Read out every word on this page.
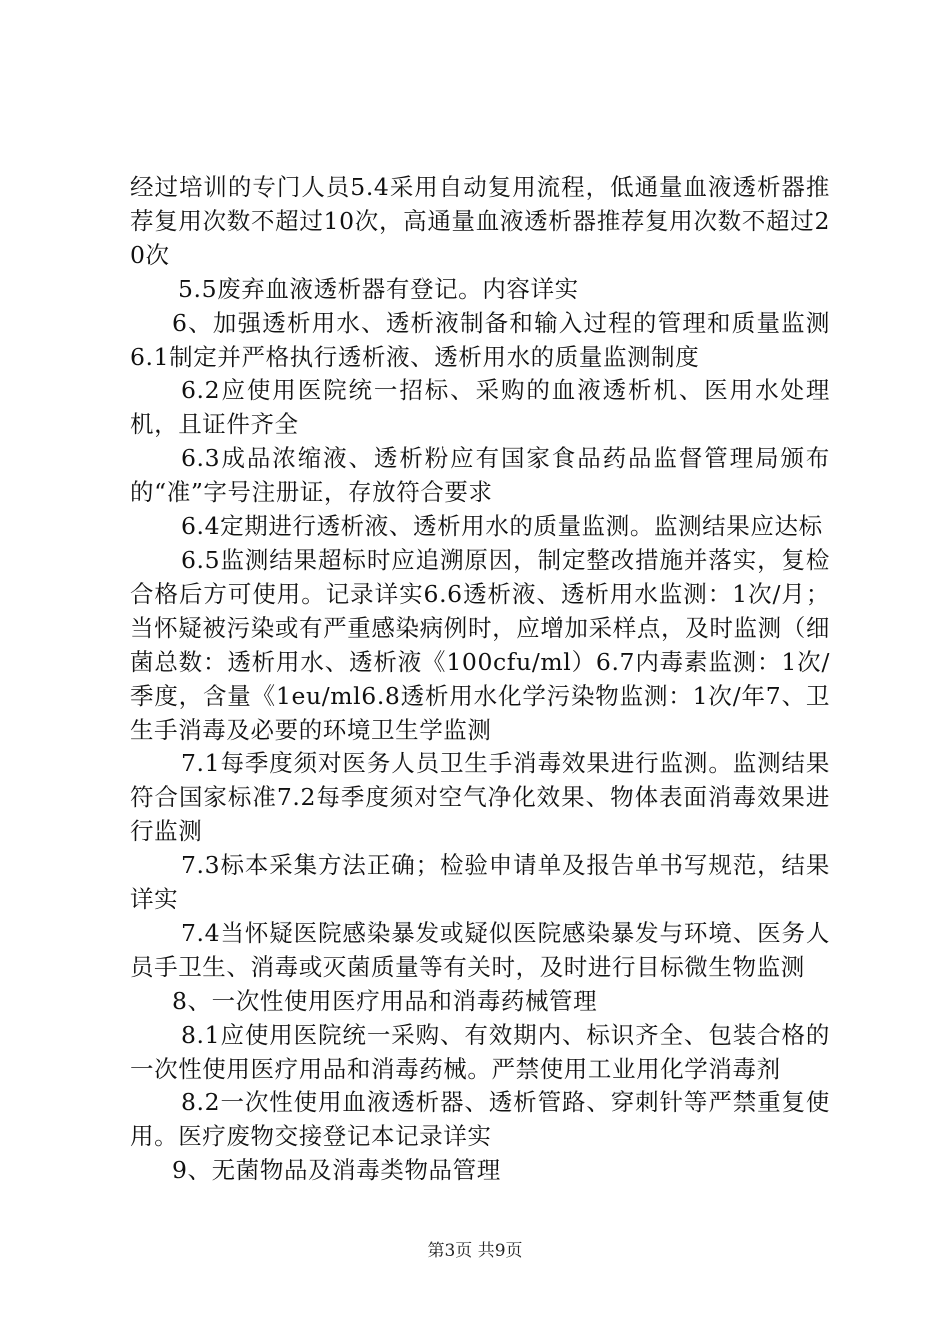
经过培训的专门人员5.4采用自动复用流程，低通量血液透析器推荐复用次数不超过10次，高通量血液透析器推荐复用次数不超过20次

5.5废弃血液透析器有登记。内容详实

6、加强透析用水、透析液制备和输入过程的管理和质量监测6.1制定并严格执行透析液、透析用水的质量监测制度

6.2应使用医院统一招标、采购的血液透析机、医用水处理机，且证件齐全

6.3成品浓缩液、透析粉应有国家食品药品监督管理局颁布的“准”字号注册证，存放符合要求

6.4定期进行透析液、透析用水的质量监测。监测结果应达标

6.5监测结果超标时应追溯原因，制定整改措施并落实，复检合格后方可使用。记录详实6.6透析液、透析用水监测：1次/月；当怀疑被污染或有严重感染病例时，应增加采样点，及时监测（细菌总数：透析用水、透析液《100cfu/ml）6.7内毒素监测：1次/季度，含量《1eu/ml6.8透析用水化学污染物监测：1次/年7、卫生手消毒及必要的环境卫生学监测

7.1每季度须对医务人员卫生手消毒效果进行监测。监测结果符合国家标准7.2每季度须对空气净化效果、物体表面消毒效果进行监测

7.3标本采集方法正确；检验申请单及报告单书写规范，结果详实

7.4当怀疑医院感染暴发或疑似医院感染暴发与环境、医务人员手卫生、消毒或灭菌质量等有关时，及时进行目标微生物监测

8、一次性使用医疗用品和消毒药械管理

8.1应使用医院统一采购、有效期内、标识齐全、包装合格的一次性使用医疗用品和消毒药械。严禁使用工业用化学消毒剂

8.2一次性使用血液透析器、透析管路、穿刺针等严禁重复使用。医疗废物交接登记本记录详实

9、无菌物品及消毒类物品管理

第3页 共9页
